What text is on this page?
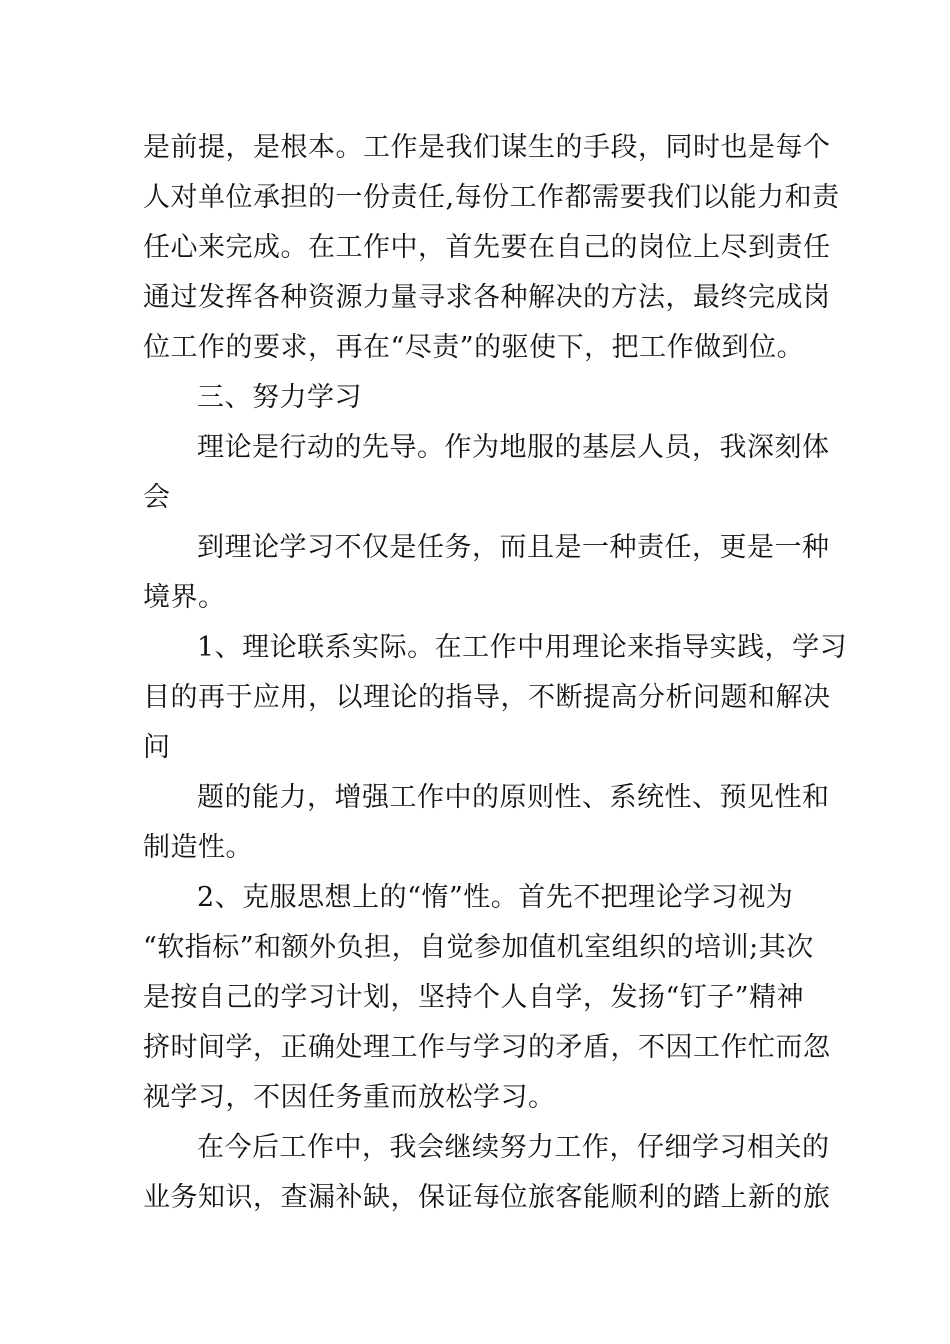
是前提，是根本。工作是我们谋生的手段，同时也是每个
人对单位承担的一份责任,每份工作都需要我们以能力和责
任心来完成。在工作中，首先要在自己的岗位上尽到责任
通过发挥各种资源力量寻求各种解决的方法，最终完成岗
位工作的要求，再在“尽责”的驱使下，把工作做到位。
三、努力学习
理论是行动的先导。作为地服的基层人员，我深刻体
会
到理论学习不仅是任务，而且是一种责任，更是一种
境界。
1、理论联系实际。在工作中用理论来指导实践，学习
目的再于应用，以理论的指导，不断提高分析问题和解决
问
题的能力，增强工作中的原则性、系统性、预见性和
制造性。
2、克服思想上的“惰”性。首先不把理论学习视为
“软指标”和额外负担，自觉参加值机室组织的培训;其次
是按自己的学习计划，坚持个人自学，发扬“钉子”精神
挤时间学，正确处理工作与学习的矛盾，不因工作忙而忽
视学习，不因任务重而放松学习。
在今后工作中，我会继续努力工作，仔细学习相关的
业务知识，查漏补缺，保证每位旅客能顺利的踏上新的旅
